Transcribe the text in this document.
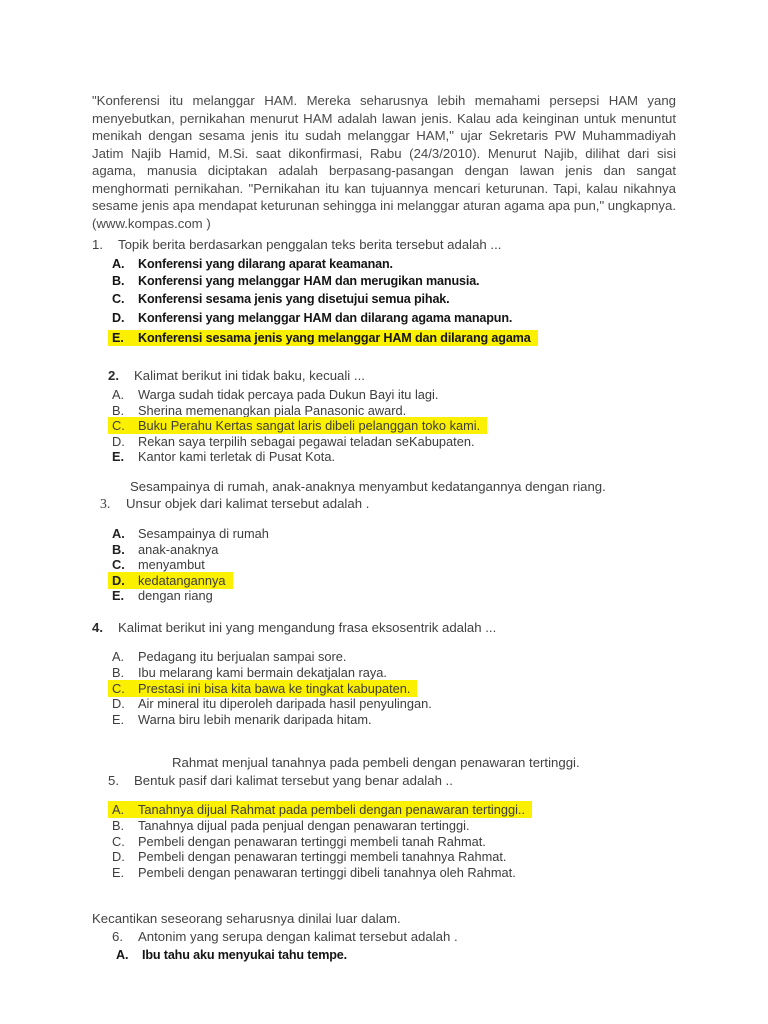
"Konferensi itu melanggar HAM. Mereka seharusnya lebih memahami persepsi HAM yang menyebutkan, pernikahan menurut HAM adalah lawan jenis. Kalau ada keinginan untuk menuntut menikah dengan sesama jenis itu sudah melanggar HAM," ujar Sekretaris PW Muhammadiyah Jatim Najib Hamid, M.Si. saat dikonfirmasi, Rabu (24/3/2010). Menurut Najib, dilihat dari sisi agama, manusia diciptakan adalah berpasang-pasangan dengan lawan jenis dan sangat menghormati pernikahan. "Pernikahan itu kan tujuannya mencari keturunan. Tapi, kalau nikahnya sesame jenis apa mendapat keturunan sehingga ini melanggar aturan agama apa pun," ungkapnya. (www.kompas.com )

1. Topik berita berdasarkan penggalan teks berita tersebut adalah ...
A. Konferensi yang dilarang aparat keamanan.
B. Konferensi yang melanggar HAM dan merugikan manusia.
C. Konferensi sesama jenis yang disetujui semua pihak.
D. Konferensi yang melanggar HAM dan dilarang agama manapun.
E. Konferensi sesama jenis yang melanggar HAM dan dilarang agama
2. Kalimat berikut ini tidak baku, kecuali ...
A. Warga sudah tidak percaya pada Dukun Bayi itu lagi.
B. Sherina memenangkan piala Panasonic award.
C. Buku Perahu Kertas sangat laris dibeli pelanggan toko kami.
D. Rekan saya terpilih sebagai pegawai teladan seKabupaten.
E. Kantor kami terletak di Pusat Kota.
Sesampainya di rumah, anak-anaknya menyambut kedatangannya dengan riang.
3. Unsur objek dari kalimat tersebut adalah .
A. Sesampainya di rumah
B. anak-anaknya
C. menyambut
D. kedatangannya
E. dengan riang
4. Kalimat berikut ini yang mengandung frasa eksosentrik adalah ...
A. Pedagang itu berjualan sampai sore.
B. Ibu melarang kami bermain dekatjalan raya.
C. Prestasi ini bisa kita bawa ke tingkat kabupaten.
D. Air mineral itu diperoleh daripada hasil penyulingan.
E. Warna biru lebih menarik daripada hitam.
Rahmat menjual tanahnya pada pembeli dengan penawaran tertinggi.
5. Bentuk pasif dari kalimat tersebut yang benar adalah ..
A. Tanahnya dijual Rahmat pada pembeli dengan penawaran tertinggi..
B. Tanahnya dijual pada penjual dengan penawaran tertinggi.
C. Pembeli dengan penawaran tertinggi membeli tanah Rahmat.
D. Pembeli dengan penawaran tertinggi membeli tanahnya Rahmat.
E. Pembeli dengan penawaran tertinggi dibeli tanahnya oleh Rahmat.
Kecantikan seseorang seharusnya dinilai luar dalam.
6. Antonim yang serupa dengan kalimat tersebut adalah .
A. Ibu tahu aku menyukai tahu tempe.
